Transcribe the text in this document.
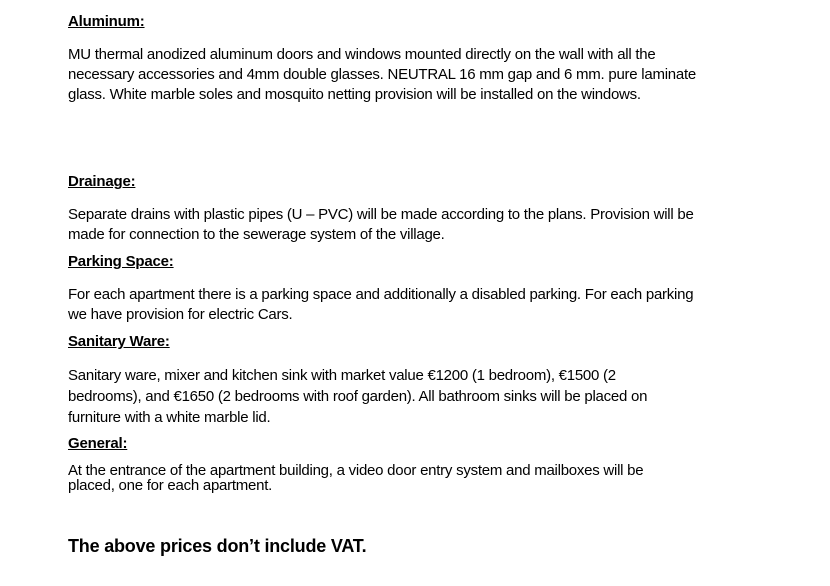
Aluminum:
MU thermal anodized aluminum doors and windows mounted directly on the wall with all the
necessary accessories and 4mm double glasses. NEUTRAL 16 mm gap and 6 mm. pure laminate
glass. White marble soles and mosquito netting provision will be installed on the windows.
Drainage:
Separate drains with plastic pipes (U – PVC) will be made according to the plans. Provision will be
made for connection to the sewerage system of the village.
Parking Space:
For each apartment there is a parking space and additionally a disabled parking. For each parking
we have provision for electric Cars.
Sanitary Ware:
Sanitary ware, mixer and kitchen sink with market value €1200 (1 bedroom), €1500 (2
bedrooms), and €1650 (2 bedrooms with roof garden). All bathroom sinks will be placed on
furniture with a white marble lid.
General:
At the entrance of the apartment building, a video door entry system and mailboxes will be
placed, one for each apartment.
The above prices don’t include VAT.
